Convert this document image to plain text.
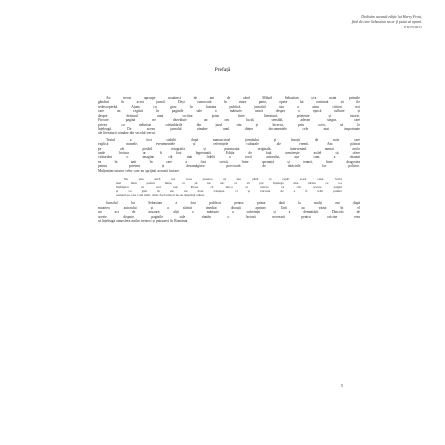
Dedicăm această ediție lui Harry Frost,
fără de care Sebastian nu ar fi putut să apară.
EDITORII
Prefață
Au trecut aproape nouăzeci de ani de când Mihail Sebastian și-a notat primele
gânduri în acest jurnal. Deși cunoscută în mare parte, opera lui continuă să fie
redescoperită. Ajuns cu greu în lumina publică, jurnalul său a atras cititori noi
care au regăsit în paginile sale o mărturie unică despre o epocă tulbure și
despre destinul unui scriitor prins între literatură, prietenie și istorie.
Fiecare pagină ne dezvăluie un om lucid, sensibil, adesea singur, care
privea cu neliniște schimbările din jurul său și încerca, prin scris, să le
înțeleagă. De aceea jurnalul rămâne unul dintre documentele cele mai importante
ale literaturii române din secolul trecut.
Textul a fost stabilit după manuscrisul jurnalului și însoțit de note care
explică numele, evenimentele și referințele culturale ale vremii. Am păstrat
pe cât posibil ortografia și punctuația originală, intervenind numai acolo
unde lectura ar fi fost îngreunată. Ediția de față urmărește astfel să ofere
cititorului o imagine cât mai fidelă a vocii autorului, așa cum a răsunat
ea în anii în care a fost scrisă, între speranță și teamă, între dragostea
pentru prieteni și dezamăgirea provocată de rătăcirile lor politice.
Mulțumim tuturor celor care au sprijinit această lucrare.
Nu știu dacă voi avea puterea să duc până la capăt acest caiet. Scriu
mai mult pentru mine, ca să nu uit, ca să pot înțelege mai târziu ce s-a
întâmplat cu noi toți. Poate că într-o zi cineva va citi aceste pagini
și va găsi în ele nu doar tristețea, ci și bucuria de a fi trăit printre
oameni pe care i-am iubit, chiar dacă uneori ne-au despărțit atâtea.
Jurnalul lui Sebastian a fost publicat pentru prima dată la mulți ani după
moartea autorului și a stârnit imediat discuții aprinse. Unii au văzut în el
un act de acuzare, alții o mărturie a suferinței și a demnității. Dincolo de
aceste dispute, paginile sale rămân o lectură necesară pentru oricine vrea
să înțeleagă atmosfera anilor treizeci și patruzeci în România.
5
